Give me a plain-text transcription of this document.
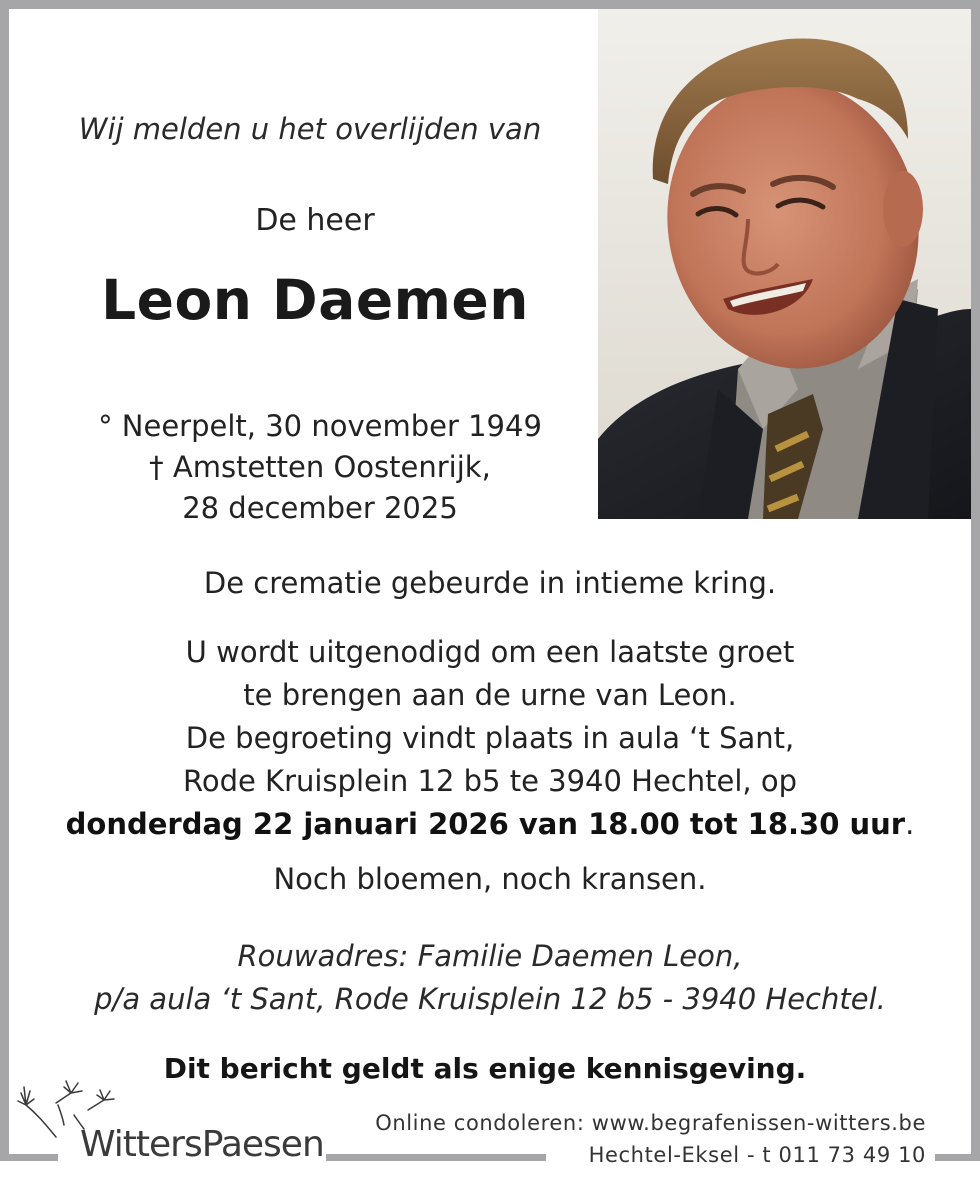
Wij melden u het overlijden van
De heer
Leon Daemen
° Neerpelt, 30 november 1949
† Amstetten Oostenrijk,
28 december 2025
De crematie gebeurde in intieme kring.
U wordt uitgenodigd om een laatste groet
te brengen aan de urne van Leon.
De begroeting vindt plaats in aula ‘t Sant,
Rode Kruisplein 12 b5 te 3940 Hechtel, op
donderdag 22 januari 2026 van 18.00 tot 18.30 uur.
Noch bloemen, noch kransen.
Rouwadres: Familie Daemen Leon,
p/a aula ‘t Sant, Rode Kruisplein 12 b5 - 3940 Hechtel.
Dit bericht geldt als enige kennisgeving.
WittersPaesen
Online condoleren: www.begrafenissen-witters.be
Hechtel-Eksel - t 011 73 49 10
